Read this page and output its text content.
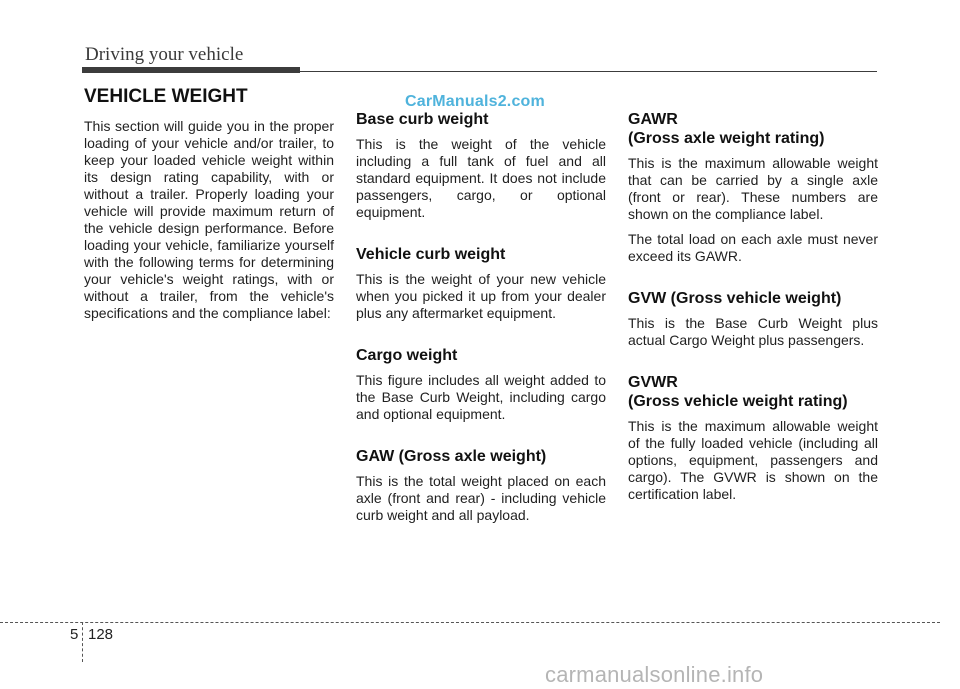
Driving your vehicle
CarManuals2.com
VEHICLE WEIGHT

This section will guide you in the proper loading of your vehicle and/or trailer, to keep your loaded vehicle weight within its design rating capability, with or without a trailer. Properly loading your vehicle will provide maximum return of the vehicle design performance. Before loading your vehicle, familiarize yourself with the following terms for determining your vehicle's weight ratings, with or without a trailer, from the vehicle's specifications and the compliance label:

Base curb weight

This is the weight of the vehicle including a full tank of fuel and all standard equipment. It does not include passengers, cargo, or optional equipment.

Vehicle curb weight

This is the weight of your new vehicle when you picked it up from your dealer plus any aftermarket equipment.

Cargo weight

This figure includes all weight added to the Base Curb Weight, including cargo and optional equipment.

GAW (Gross axle weight)

This is the total weight placed on each axle (front and rear) - including vehicle curb weight and all payload.

GAWR
(Gross axle weight rating)

This is the maximum allowable weight that can be carried by a single axle (front or rear). These numbers are shown on the compliance label.

The total load on each axle must never exceed its GAWR.

GVW (Gross vehicle weight)

This is the Base Curb Weight plus actual Cargo Weight plus passengers.

GVWR
(Gross vehicle weight rating)

This is the maximum allowable weight of the fully loaded vehicle (including all options, equipment, passengers and cargo). The GVWR is shown on the certification label.

5 128
carmanualsonline.info
